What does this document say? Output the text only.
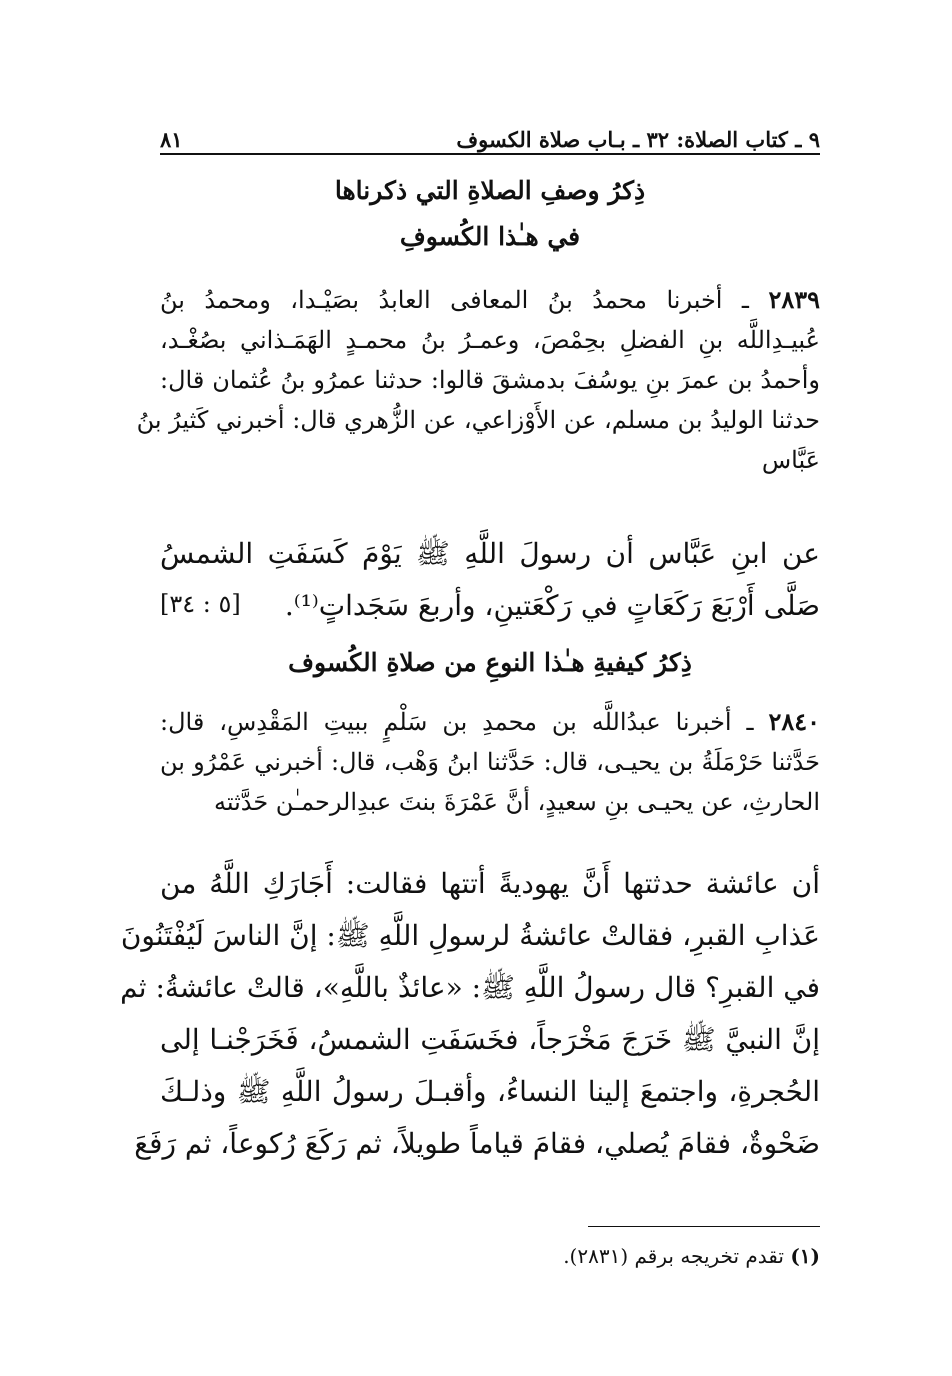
٩ ـ كتاب الصلاة: ٣٢ ـ بـاب صلاة الكسوف
٨١
ذِكرُ وصفِ الصلاةِ التي ذكرناها
في هـٰذا الكُسوفِ
٢٨٣٩ ـ أخبرنا محمدُ بنُ المعافى العابدُ بصَيْـدا، ومحمدُ بنُ
عُبيـدِاللَّه بنِ الفضلِ بحِمْصَ، وعمـرُ بنُ محمـدٍ الهَمَـذاني بصُغْـد،
وأحمدُ بن عمرَ بنِ يوسُفَ بدمشقَ قالوا: حدثنا عمرُو بنُ عُثمان قال:
حدثنا الوليدُ بن مسلم، عن الأَوْزاعي، عن الزُّهري قال: أخبرني كَثيرُ بنُ
عَبَّاس
عن ابنِ عَبَّاس أن رسولَ اللَّهِ ﷺ يَوْمَ كَسَفَتِ الشمسُ
صَلَّى أَرْبَعَ رَكَعَاتٍ في رَكْعَتينِ، وأربعَ سَجَداتٍ⁽¹⁾.
[٥ : ٣٤]
ذِكرُ كيفيةِ هـٰذا النوعِ من صلاةِ الكُسوف
٢٨٤٠ ـ أخبرنا عبدُاللَّه بن محمدِ بن سَلْمٍ ببيتِ المَقْدِسِ، قال:
حَدَّثنا حَرْمَلَةُ بن يحيـى، قال: حَدَّثنا ابنُ وَهْب، قال: أخبرني عَمْرُو بن
الحارثِ، عن يحيـى بنِ سعيدٍ، أنَّ عَمْرَةَ بنتَ عبدِالرحمـٰن حَدَّثته
أن عائشة حدثتها أَنَّ يهوديةً أتتها فقالت: أَجَارَكِ اللَّهُ من
عَذابِ القبرِ، فقالتْ عائشةُ لرسولِ اللَّهِ ﷺ: إنَّ الناسَ لَيُفْتَنُونَ
في القبرِ؟ قال رسولُ اللَّهِ ﷺ: «عائذٌ باللَّهِ»، قالتْ عائشةُ: ثم
إنَّ النبيَّ ﷺ خَرَجَ مَخْرَجاً، فخَسَفَتِ الشمسُ، فَخَرَجْنـا إلى
الحُجرةِ، واجتمعَ إلينا النساءُ، وأقبـلَ رسولُ اللَّهِ ﷺ وذلـكَ
ضَحْوةٌ، فقامَ يُصلي، فقامَ قياماً طويلاً، ثم رَكَعَ رُكوعاً، ثم رَفَعَ
(١) تقدم تخريجه برقم (٢٨٣١).
